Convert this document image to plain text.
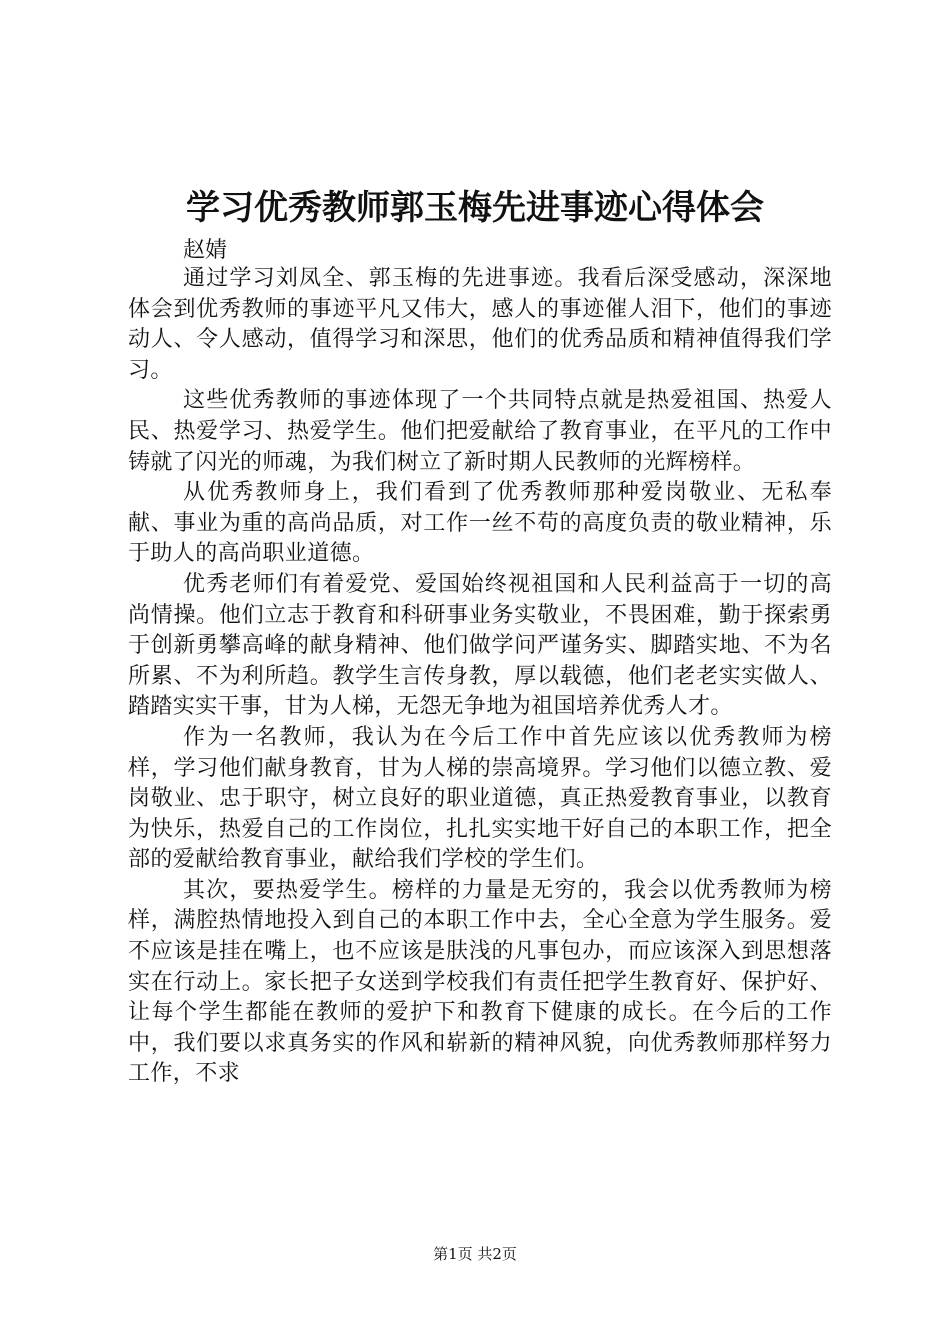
学习优秀教师郭玉梅先进事迹心得体会

赵婧

通过学习刘凤全、郭玉梅的先进事迹。我看后深受感动，深深地体会到优秀教师的事迹平凡又伟大，感人的事迹催人泪下，他们的事迹动人、令人感动，值得学习和深思，他们的优秀品质和精神值得我们学习。

这些优秀教师的事迹体现了一个共同特点就是热爱祖国、热爱人民、热爱学习、热爱学生。他们把爱献给了教育事业，在平凡的工作中铸就了闪光的师魂，为我们树立了新时期人民教师的光辉榜样。

从优秀教师身上，我们看到了优秀教师那种爱岗敬业、无私奉献、事业为重的高尚品质，对工作一丝不苟的高度负责的敬业精神，乐于助人的高尚职业道德。

优秀老师们有着爱党、爱国始终视祖国和人民利益高于一切的高尚情操。他们立志于教育和科研事业务实敬业，不畏困难，勤于探索勇于创新勇攀高峰的献身精神、他们做学问严谨务实、脚踏实地、不为名所累、不为利所趋。教学生言传身教，厚以载德，他们老老实实做人、踏踏实实干事，甘为人梯，无怨无争地为祖国培养优秀人才。

作为一名教师，我认为在今后工作中首先应该以优秀教师为榜样，学习他们献身教育，甘为人梯的崇高境界。学习他们以德立教、爱岗敬业、忠于职守，树立良好的职业道德，真正热爱教育事业，以教育为快乐，热爱自己的工作岗位，扎扎实实地干好自己的本职工作，把全部的爱献给教育事业，献给我们学校的学生们。

其次，要热爱学生。榜样的力量是无穷的，我会以优秀教师为榜样，满腔热情地投入到自己的本职工作中去，全心全意为学生服务。爱不应该是挂在嘴上，也不应该是肤浅的凡事包办，而应该深入到思想落实在行动上。家长把子女送到学校我们有责任把学生教育好、保护好、让每个学生都能在教师的爱护下和教育下健康的成长。在今后的工作中，我们要以求真务实的作风和崭新的精神风貌，向优秀教师那样努力工作，不求

第1页 共2页
